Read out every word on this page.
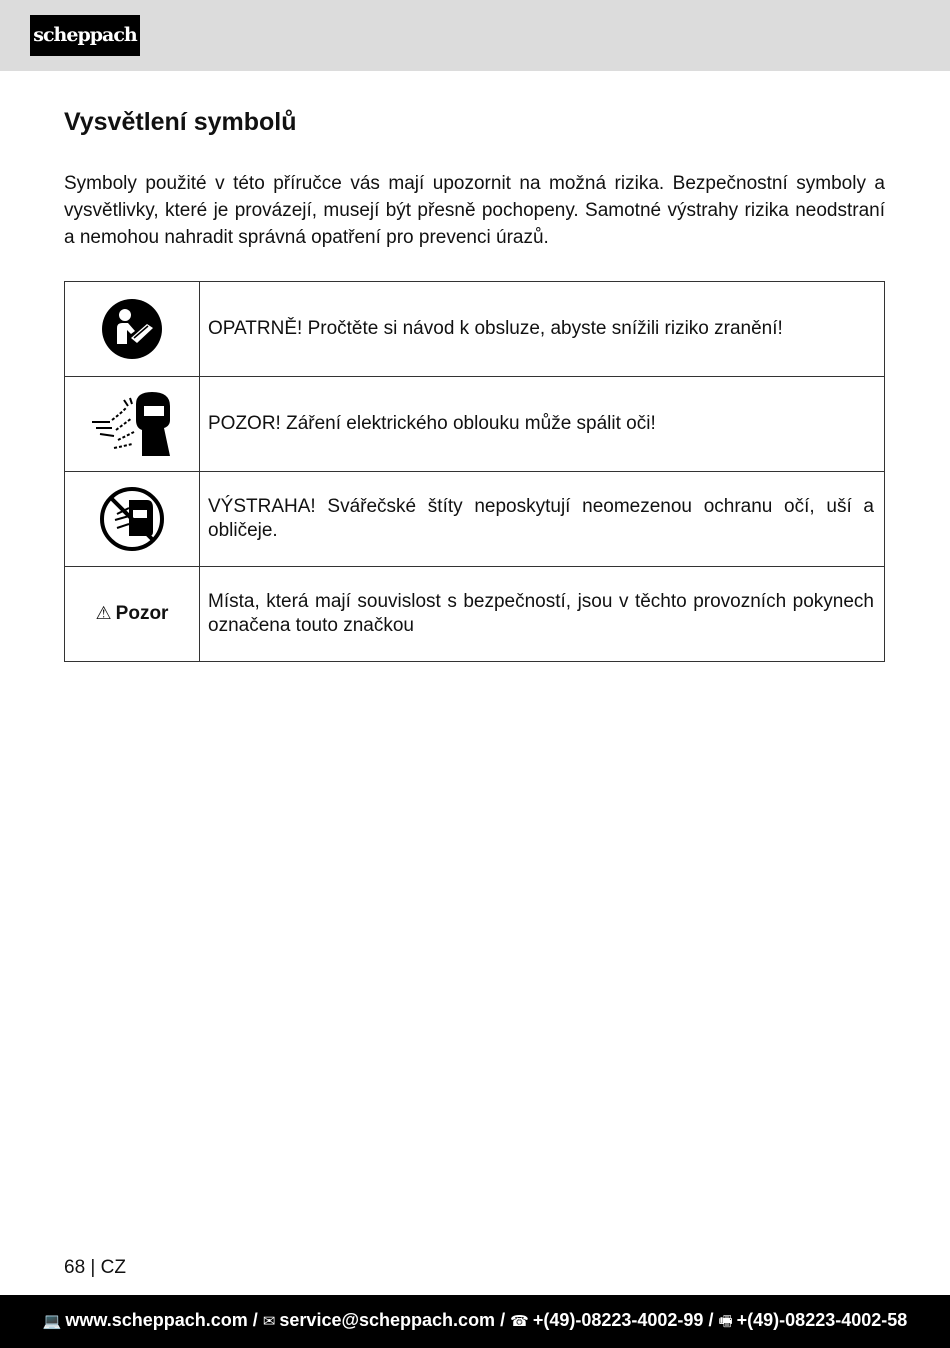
scheppach
Vysvětlení symbolů

Symboly použité v této příručce vás mají upozornit na možná rizika. Bezpečnostní symboly a vysvětlivky, které je provázejí, musejí být přesně pochopeny. Samotné výstrahy rizika neodstraní a nemohou nahradit správná opatření pro prevenci úrazů.

	OPATRNĚ! Pročtěte si návod k obsluze, abyste snížili riziko zranění!
	POZOR! Záření elektrického oblouku může spálit oči!
	VÝSTRAHA! Svářečské štíty neposkytují neomezenou ochranu očí, uší a obličeje.
⚠ Pozor	Místa, která mají souvislost s bezpečností, jsou v těchto provozních pokynech označena touto značkou
68 | CZ
💻 www.scheppach.com / ✉ service@scheppach.com / ☎ +(49)-08223-4002-99 / 🖷 +(49)-08223-4002-58
